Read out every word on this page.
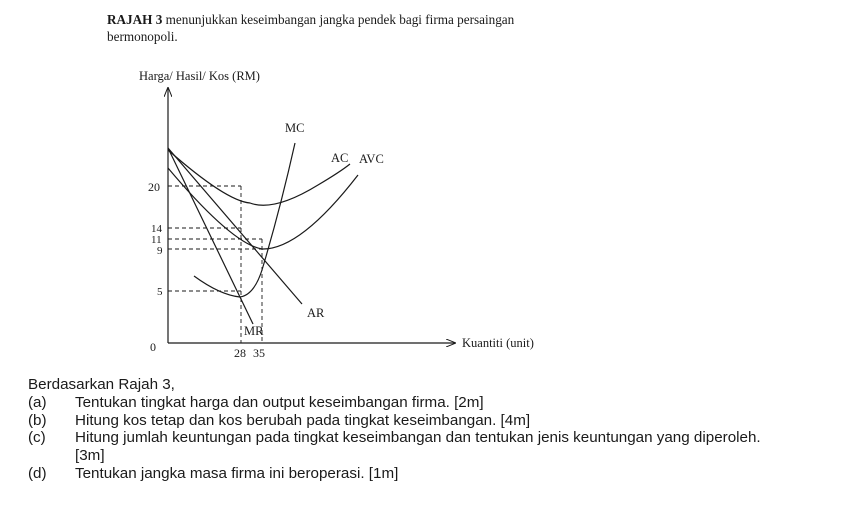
RAJAH 3 menunjukkan keseimbangan jangka pendek bagi firma persaingan
bermonopoli.
Harga/ Hasil/ Kos (RM)
Kuantiti (unit)
0
20
14
11
9
5
28 35
MC
AC AVC
AR
MR
Berdasarkan Rajah 3,
(a)	Tentukan tingkat harga dan output keseimbangan firma. [2m]
(b)	Hitung kos tetap dan kos berubah pada tingkat keseimbangan. [4m]
(c)	Hitung jumlah keuntungan pada tingkat keseimbangan dan tentukan jenis keuntungan yang diperoleh.
[3m]
(d)	Tentukan jangka masa firma ini beroperasi. [1m]
